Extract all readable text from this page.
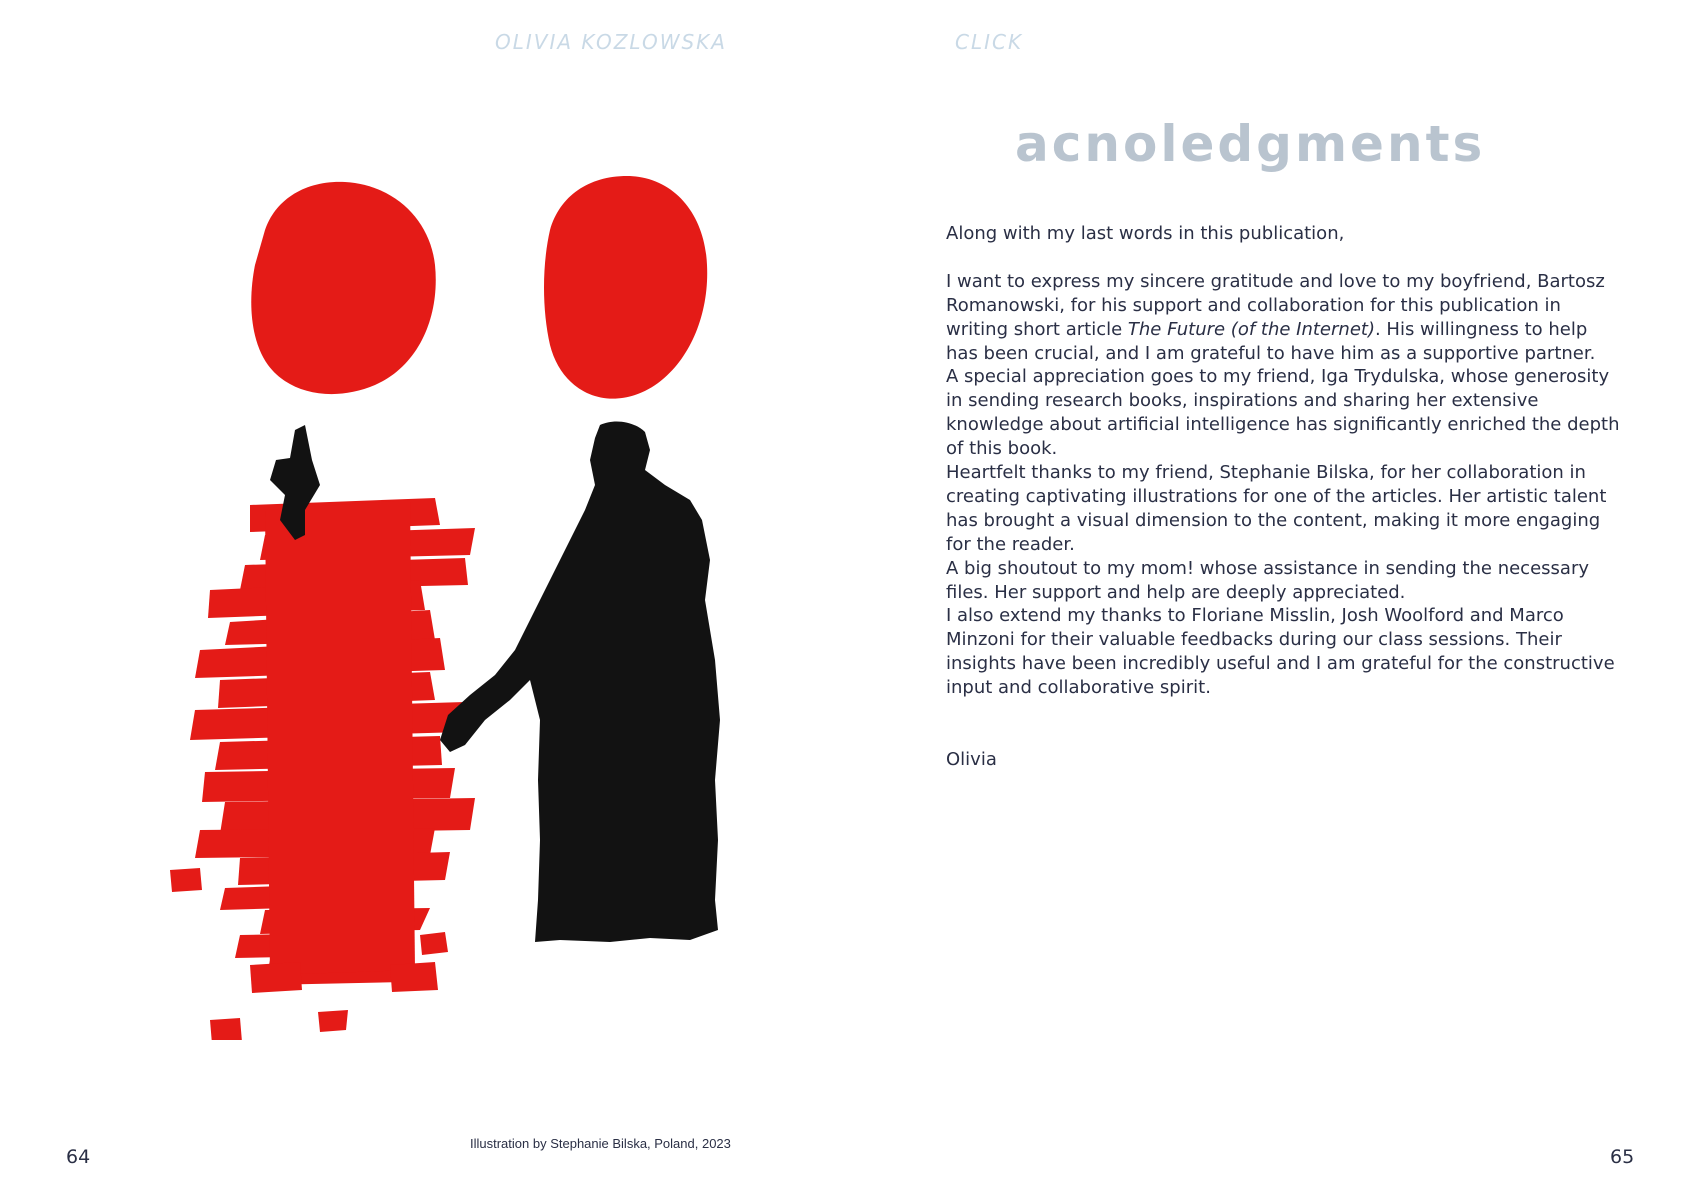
OLIVIA KOZLOWSKA	CLICK
Illustration by Stephanie Bilska, Poland, 2023
64
acnoledgments

Along with my last words in this publication,

I want to express my sincere gratitude and love to my boyfriend, Bartosz Romanowski, for his support and collaboration for this publication in writing short article The Future (of the Internet). His willingness to help has been crucial, and I am grateful to have him as a supportive partner.

A special appreciation goes to my friend, Iga Trydulska, whose generosity in sending research books, inspirations and sharing her extensive knowledge about artificial intelligence has significantly enriched the depth of this book.

Heartfelt thanks to my friend, Stephanie Bilska, for her collaboration in creating captivating illustrations for one of the articles. Her artistic talent has brought a visual dimension to the content, making it more engaging for the reader.

A big shoutout to my mom! whose assistance in sending the necessary files. Her support and help are deeply appreciated.

I also extend my thanks to Floriane Misslin, Josh Woolford and Marco Minzoni for their valuable feedbacks during our class sessions. Their insights have been incredibly useful and I am grateful for the constructive input and collaborative spirit.

Olivia

65
